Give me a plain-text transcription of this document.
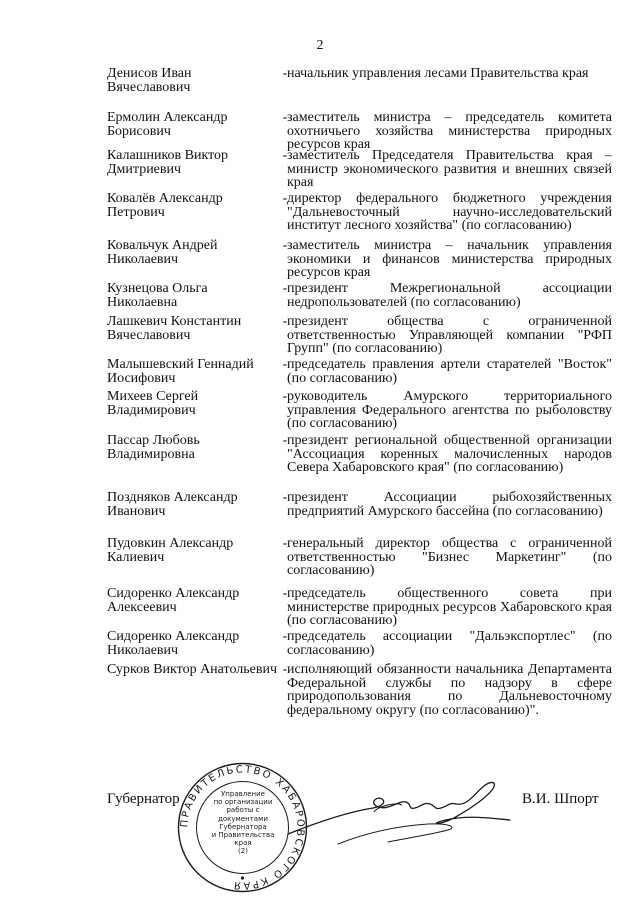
2
Денисов Иван Вячеславович
- начальник управления лесами Правительства края
Ермолин Александр Борисович
- заместитель министра – председатель комитета охотничьего хозяйства министерства природных ресурсов края
Калашников Виктор Дмитриевич
- заместитель Председателя Правительства края – министр экономического развития и внешних связей края
Ковалёв Александр Петрович
- директор федерального бюджетного учреждения "Дальневосточный научно-исследовательский институт лесного хозяйства" (по согласованию)
Ковальчук Андрей Николаевич
- заместитель министра – начальник управления экономики и финансов министерства природных ресурсов края
Кузнецова Ольга Николаевна
- президент Межрегиональной ассоциации недропользователей (по согласованию)
Лашкевич Константин Вячеславович
- президент общества с ограниченной ответственностью Управляющей компании "РФП Групп" (по согласованию)
Малышевский Геннадий Иосифович
- председатель правления артели старателей "Восток" (по согласованию)
Михеев Сергей Владимирович
- руководитель Амурского территориального управления Федерального агентства по рыболовству (по согласованию)
Пассар Любовь Владимировна
- президент региональной общественной организации "Ассоциация коренных малочисленных народов Севера Хабаровского края" (по согласованию)
Поздняков Александр Иванович
- президент Ассоциации рыбохозяйственных предприятий Амурского бассейна (по согласованию)
Пудовкин Александр Калиевич
- генеральный директор общества с ограниченной ответственностью "Бизнес Маркетинг" (по согласованию)
Сидоренко Александр Алексеевич
- председатель общественного совета при министерстве природных ресурсов Хабаровского края (по согласованию)
Сидоренко Александр Николаевич
- председатель ассоциации "Дальэкспортлес" (по согласованию)
Сурков Виктор Анатольевич - исполняющий обязанности начальника Департамента Федеральной службы по надзору в сфере природопользования по Дальневосточному федеральному округу (по согласованию)".
Губернатор
ПРАВИТЕЛЬСТВО ХАБАРОВСКОГО КРАЯ
Управление
по организации
работы с документами
Губернатора
и Правительства
края
(2)
В.И. Шпорт
